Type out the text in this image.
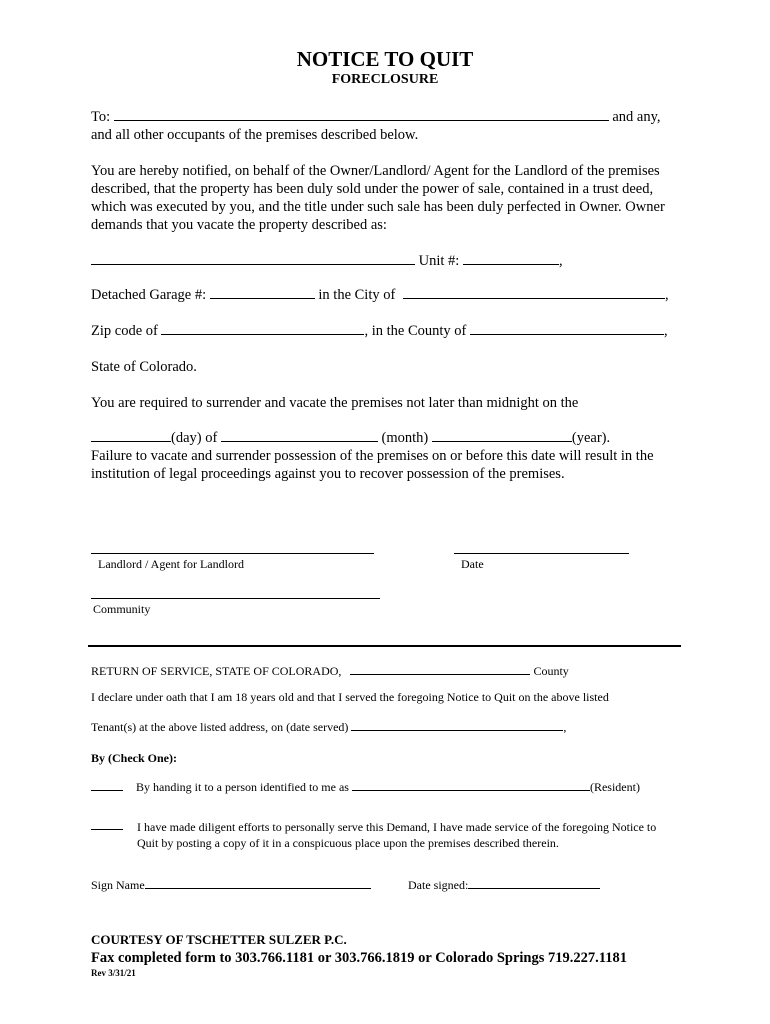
NOTICE TO QUIT
FORECLOSURE
To:	and any,
and all other occupants of the premises described below.
You are hereby notified, on behalf of the Owner/Landlord/ Agent for the Landlord of the premises described, that the property has been duly sold under the power of sale, contained in a trust deed, which was executed by you, and the title under such sale has been duly perfected in Owner. Owner demands that you vacate the property described as:
Unit #:	,
Detached Garage #:	in the City of	,
Zip code of	, in the County of	,
State of Colorado.
You are required to surrender and vacate the premises not later than midnight on the
(day) of	(month)	(year).
Failure to vacate and surrender possession of the premises on or before this date will result in the institution of legal proceedings against you to recover possession of the premises.
Landlord / Agent for Landlord	Date
Community
RETURN OF SERVICE, STATE OF COLORADO,	County
I declare under oath that I am 18 years old and that I served the foregoing Notice to Quit on the above listed
Tenant(s) at the above listed address, on (date served)	,
By (Check One):
By handing it to a person identified to me as	(Resident)
I have made diligent efforts to personally serve this Demand, I have made service of the foregoing Notice to Quit by posting a copy of it in a conspicuous place upon the premises described therein.
Sign Name	Date signed:
COURTESY OF TSCHETTER SULZER P.C.
Fax completed form to 303.766.1181 or 303.766.1819 or Colorado Springs 719.227.1181
Rev 3/31/21
